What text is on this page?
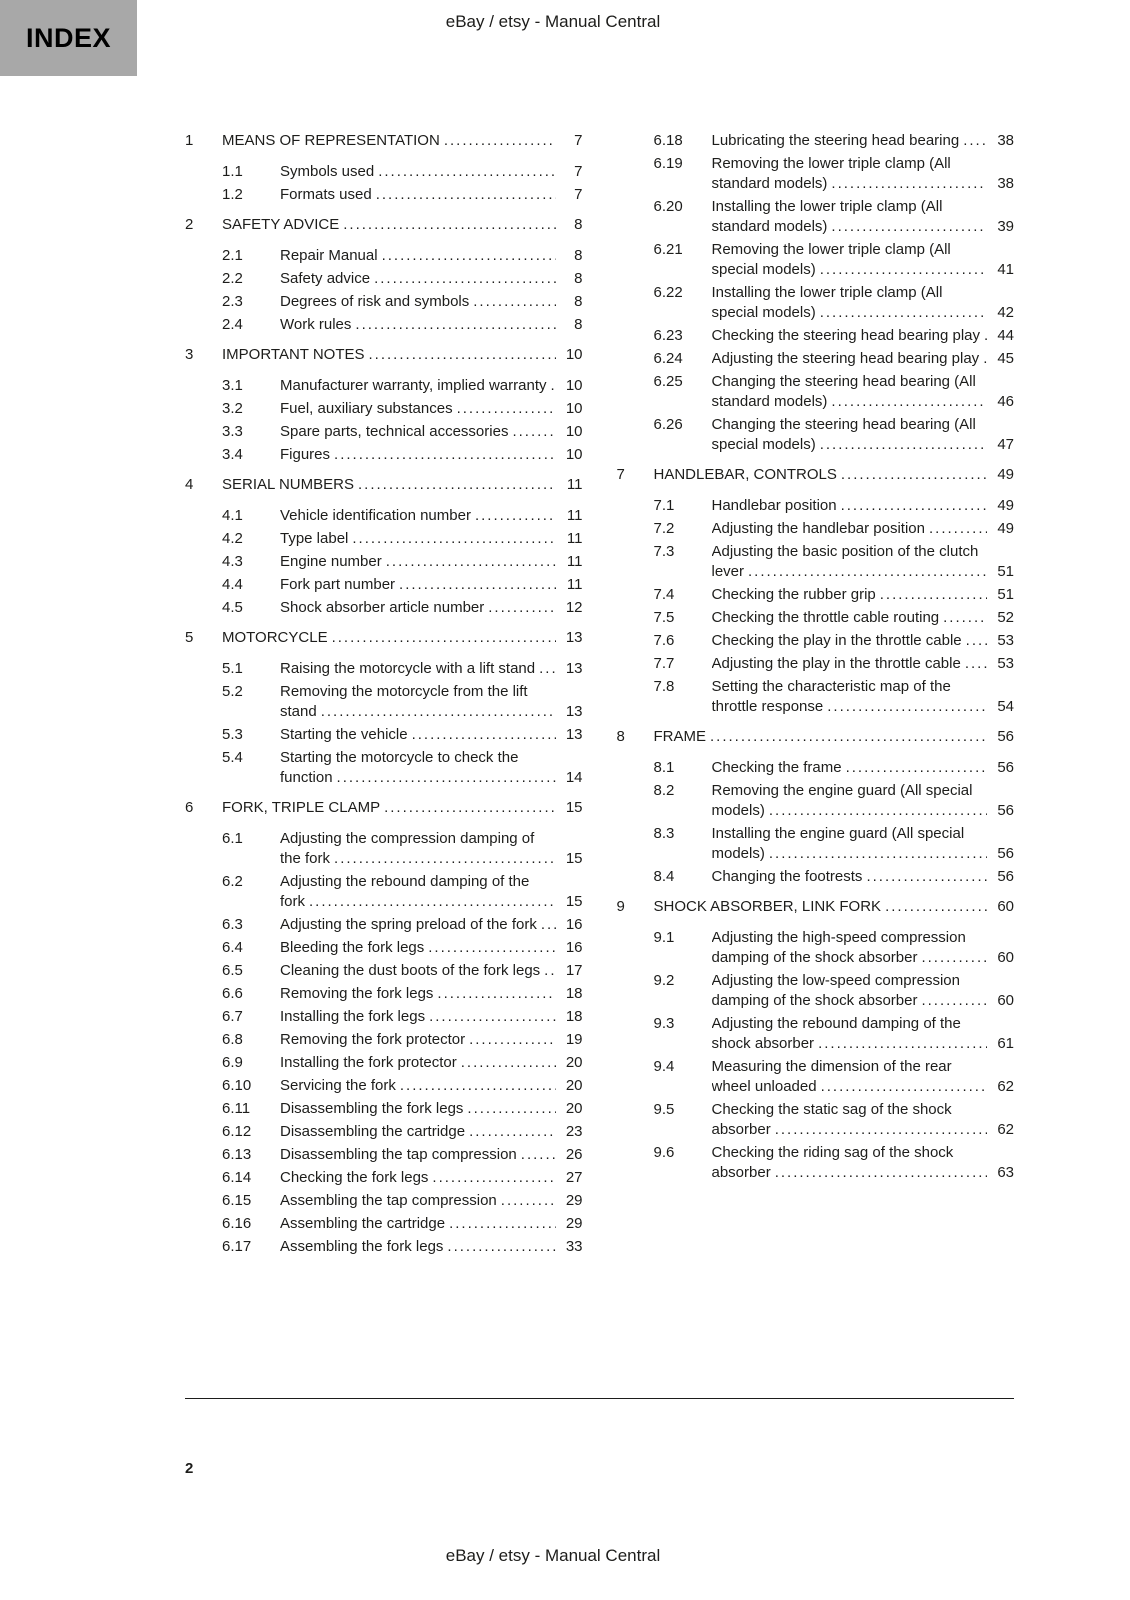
INDEX
eBay / etsy - Manual Central
1	MEANS OF REPRESENTATION .....	7
1.1	Symbols used .....	7
1.2	Formats used .....	7
2	SAFETY ADVICE .....	8
2.1	Repair Manual .....	8
2.2	Safety advice .....	8
2.3	Degrees of risk and symbols .....	8
2.4	Work rules .....	8
3	IMPORTANT NOTES .....	10
3.1	Manufacturer warranty, implied warranty .....	10
3.2	Fuel, auxiliary substances .....	10
3.3	Spare parts, technical accessories .....	10
3.4	Figures .....	10
4	SERIAL NUMBERS .....	11
4.1	Vehicle identification number .....	11
4.2	Type label .....	11
4.3	Engine number .....	11
4.4	Fork part number .....	11
4.5	Shock absorber article number .....	12
5	MOTORCYCLE .....	13
5.1	Raising the motorcycle with a lift stand .....	13
5.2	Removing the motorcycle from the lift stand .....	13
5.3	Starting the vehicle .....	13
5.4	Starting the motorcycle to check the function .....	14
6	FORK, TRIPLE CLAMP .....	15
6.1	Adjusting the compression damping of the fork .....	15
6.2	Adjusting the rebound damping of the fork .....	15
6.3	Adjusting the spring preload of the fork .....	16
6.4	Bleeding the fork legs .....	16
6.5	Cleaning the dust boots of the fork legs .....	17
6.6	Removing the fork legs .....	18
6.7	Installing the fork legs .....	18
6.8	Removing the fork protector .....	19
6.9	Installing the fork protector .....	20
6.10	Servicing the fork .....	20
6.11	Disassembling the fork legs .....	20
6.12	Disassembling the cartridge .....	23
6.13	Disassembling the tap compression .....	26
6.14	Checking the fork legs .....	27
6.15	Assembling the tap compression .....	29
6.16	Assembling the cartridge .....	29
6.17	Assembling the fork legs .....	33
6.18	Lubricating the steering head bearing .....	38
6.19	Removing the lower triple clamp (All standard models) .....	38
6.20	Installing the lower triple clamp (All standard models) .....	39
6.21	Removing the lower triple clamp (All special models) .....	41
6.22	Installing the lower triple clamp (All special models) .....	42
6.23	Checking the steering head bearing play .....	44
6.24	Adjusting the steering head bearing play .....	45
6.25	Changing the steering head bearing (All standard models) .....	46
6.26	Changing the steering head bearing (All special models) .....	47
7	HANDLEBAR, CONTROLS .....	49
7.1	Handlebar position .....	49
7.2	Adjusting the handlebar position .....	49
7.3	Adjusting the basic position of the clutch lever .....	51
7.4	Checking the rubber grip .....	51
7.5	Checking the throttle cable routing .....	52
7.6	Checking the play in the throttle cable .....	53
7.7	Adjusting the play in the throttle cable .....	53
7.8	Setting the characteristic map of the throttle response .....	54
8	FRAME .....	56
8.1	Checking the frame .....	56
8.2	Removing the engine guard (All special models) .....	56
8.3	Installing the engine guard (All special models) .....	56
8.4	Changing the footrests .....	56
9	SHOCK ABSORBER, LINK FORK .....	60
9.1	Adjusting the high-speed compression damping of the shock absorber .....	60
9.2	Adjusting the low-speed compression damping of the shock absorber .....	60
9.3	Adjusting the rebound damping of the shock absorber .....	61
9.4	Measuring the dimension of the rear wheel unloaded .....	62
9.5	Checking the static sag of the shock absorber .....	62
9.6	Checking the riding sag of the shock absorber .....	63
2
eBay / etsy - Manual Central
